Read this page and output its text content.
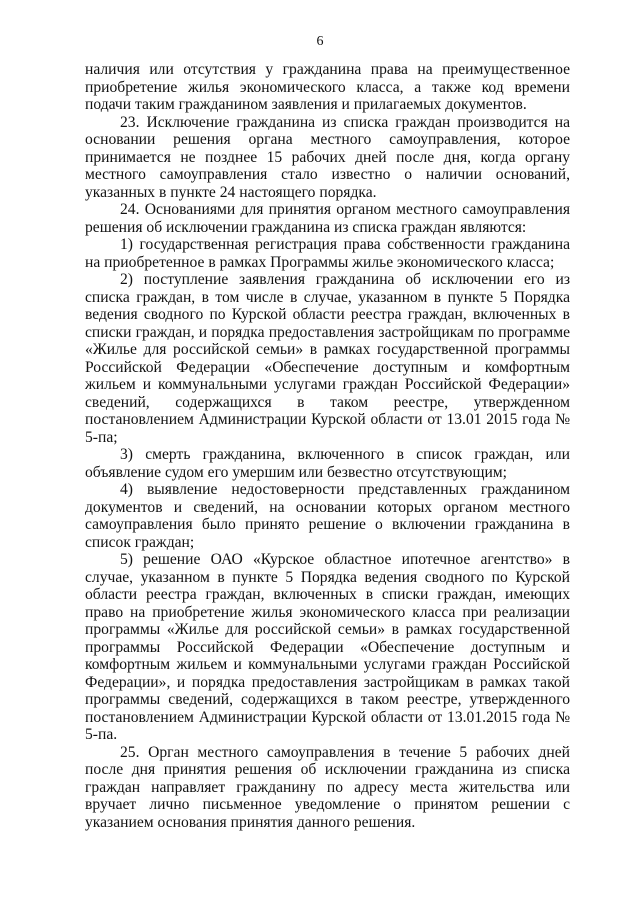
6

наличия или отсутствия у гражданина права на преимущественное приобретение жилья экономического класса, а также код времени подачи таким гражданином заявления и прилагаемых документов.

23. Исключение гражданина из списка граждан производится на основании решения органа местного самоуправления, которое принимается не позднее 15 рабочих дней после дня, когда органу местного самоуправления стало известно о наличии оснований, указанных в пункте 24 настоящего порядка.

24. Основаниями для принятия органом местного самоуправления решения об исключении гражданина из списка граждан являются:

1) государственная регистрация права собственности гражданина на приобретенное в рамках Программы жилье экономического класса;

2) поступление заявления гражданина об исключении его из списка граждан, в том числе в случае, указанном в пункте 5 Порядка ведения сводного по Курской области реестра граждан, включенных в списки граждан, и порядка предоставления застройщикам по программе «Жилье для российской семьи» в рамках государственной программы Российской Федерации «Обеспечение доступным и комфортным жильем и коммунальными услугами граждан Российской Федерации» сведений, содержащихся в таком реестре, утвержденном постановлением Администрации Курской области от 13.01 2015 года № 5-па;

3) смерть гражданина, включенного в список граждан, или объявление судом его умершим или безвестно отсутствующим;

4) выявление недостоверности представленных гражданином документов и сведений, на основании которых органом местного самоуправления было принято решение о включении гражданина в список граждан;

5) решение ОАО «Курское областное ипотечное агентство» в случае, указанном в пункте 5 Порядка ведения сводного по Курской области реестра граждан, включенных в списки граждан, имеющих право на приобретение жилья экономического класса при реализации программы «Жилье для российской семьи» в рамках государственной программы Российской Федерации «Обеспечение доступным и комфортным жильем и коммунальными услугами граждан Российской Федерации», и порядка предоставления застройщикам в рамках такой программы сведений, содержащихся в таком реестре, утвержденного постановлением Администрации Курской области от 13.01.2015 года № 5-па.

25. Орган местного самоуправления в течение 5 рабочих дней после дня принятия решения об исключении гражданина из списка граждан направляет гражданину по адресу места жительства или вручает лично письменное уведомление о принятом решении с указанием основания принятия данного решения.
